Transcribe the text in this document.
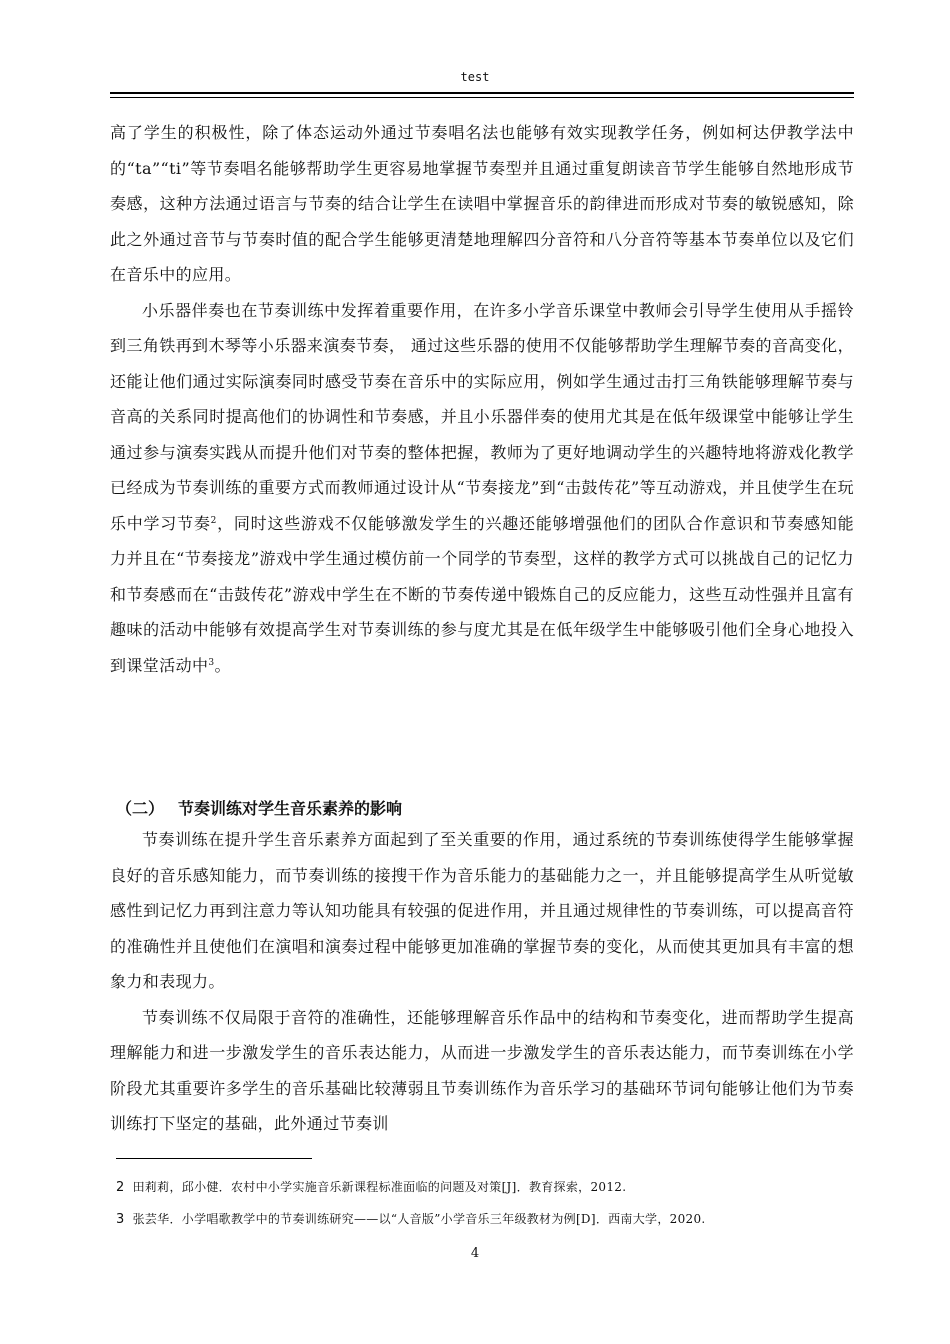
test

高了学生的积极性，除了体态运动外通过节奏唱名法也能够有效实现教学任务，例如柯达伊教学法中的“ta”“ti”等节奏唱名能够帮助学生更容易地掌握节奏型并且通过重复朗读音节学生能够自然地形成节奏感，这种方法通过语言与节奏的结合让学生在读唱中掌握音乐的韵律进而形成对节奏的敏锐感知，除此之外通过音节与节奏时值的配合学生能够更清楚地理解四分音符和八分音符等基本节奏单位以及它们在音乐中的应用。

小乐器伴奏也在节奏训练中发挥着重要作用，在许多小学音乐课堂中教师会引导学生使用从手摇铃到三角铁再到木琴等小乐器来演奏节奏， 通过这些乐器的使用不仅能够帮助学生理解节奏的音高变化，还能让他们通过实际演奏同时感受节奏在音乐中的实际应用，例如学生通过击打三角铁能够理解节奏与音高的关系同时提高他们的协调性和节奏感，并且小乐器伴奏的使用尤其是在低年级课堂中能够让学生通过参与演奏实践从而提升他们对节奏的整体把握，教师为了更好地调动学生的兴趣特地将游戏化教学已经成为节奏训练的重要方式而教师通过设计从“节奏接龙”到“击鼓传花”等互动游戏，并且使学生在玩乐中学习节奏$^2$，同时这些游戏不仅能够激发学生的兴趣还能够增强他们的团队合作意识和节奏感知能力并且在“节奏接龙”游戏中学生通过模仿前一个同学的节奏型，这样的教学方式可以挑战自己的记忆力和节奏感而在“击鼓传花”游戏中学生在不断的节奏传递中锻炼自己的反应能力，这些互动性强并且富有趣味的活动中能够有效提高学生对节奏训练的参与度尤其是在低年级学生中能够吸引他们全身心地投入到课堂活动中$^3$。

（二） 节奏训练对学生音乐素养的影响

节奏训练在提升学生音乐素养方面起到了至关重要的作用，通过系统的节奏训练使得学生能够掌握良好的音乐感知能力，而节奏训练的接搜干作为音乐能力的基础能力之一，并且能够提高学生从听觉敏感性到记忆力再到注意力等认知功能具有较强的促进作用，并且通过规律性的节奏训练，可以提高音符的准确性并且使他们在演唱和演奏过程中能够更加准确的掌握节奏的变化，从而使其更加具有丰富的想象力和表现力。

节奏训练不仅局限于音符的准确性，还能够理解音乐作品中的结构和节奏变化，进而帮助学生提高理解能力和进一步激发学生的音乐表达能力，从而进一步激发学生的音乐表达能力，而节奏训练在小学阶段尤其重要许多学生的音乐基础比较薄弱且节奏训练作为音乐学习的基础环节词句能够让他们为节奏训练打下坚定的基础，此外通过节奏训

2 田莉莉，邱小健．农村中小学实施音乐新课程标准面临的问题及对策[J]．教育探索，2012.
3 张芸华．小学唱歌教学中的节奏训练研究——以“人音版”小学音乐三年级教材为例[D]．西南大学，2020.
4
